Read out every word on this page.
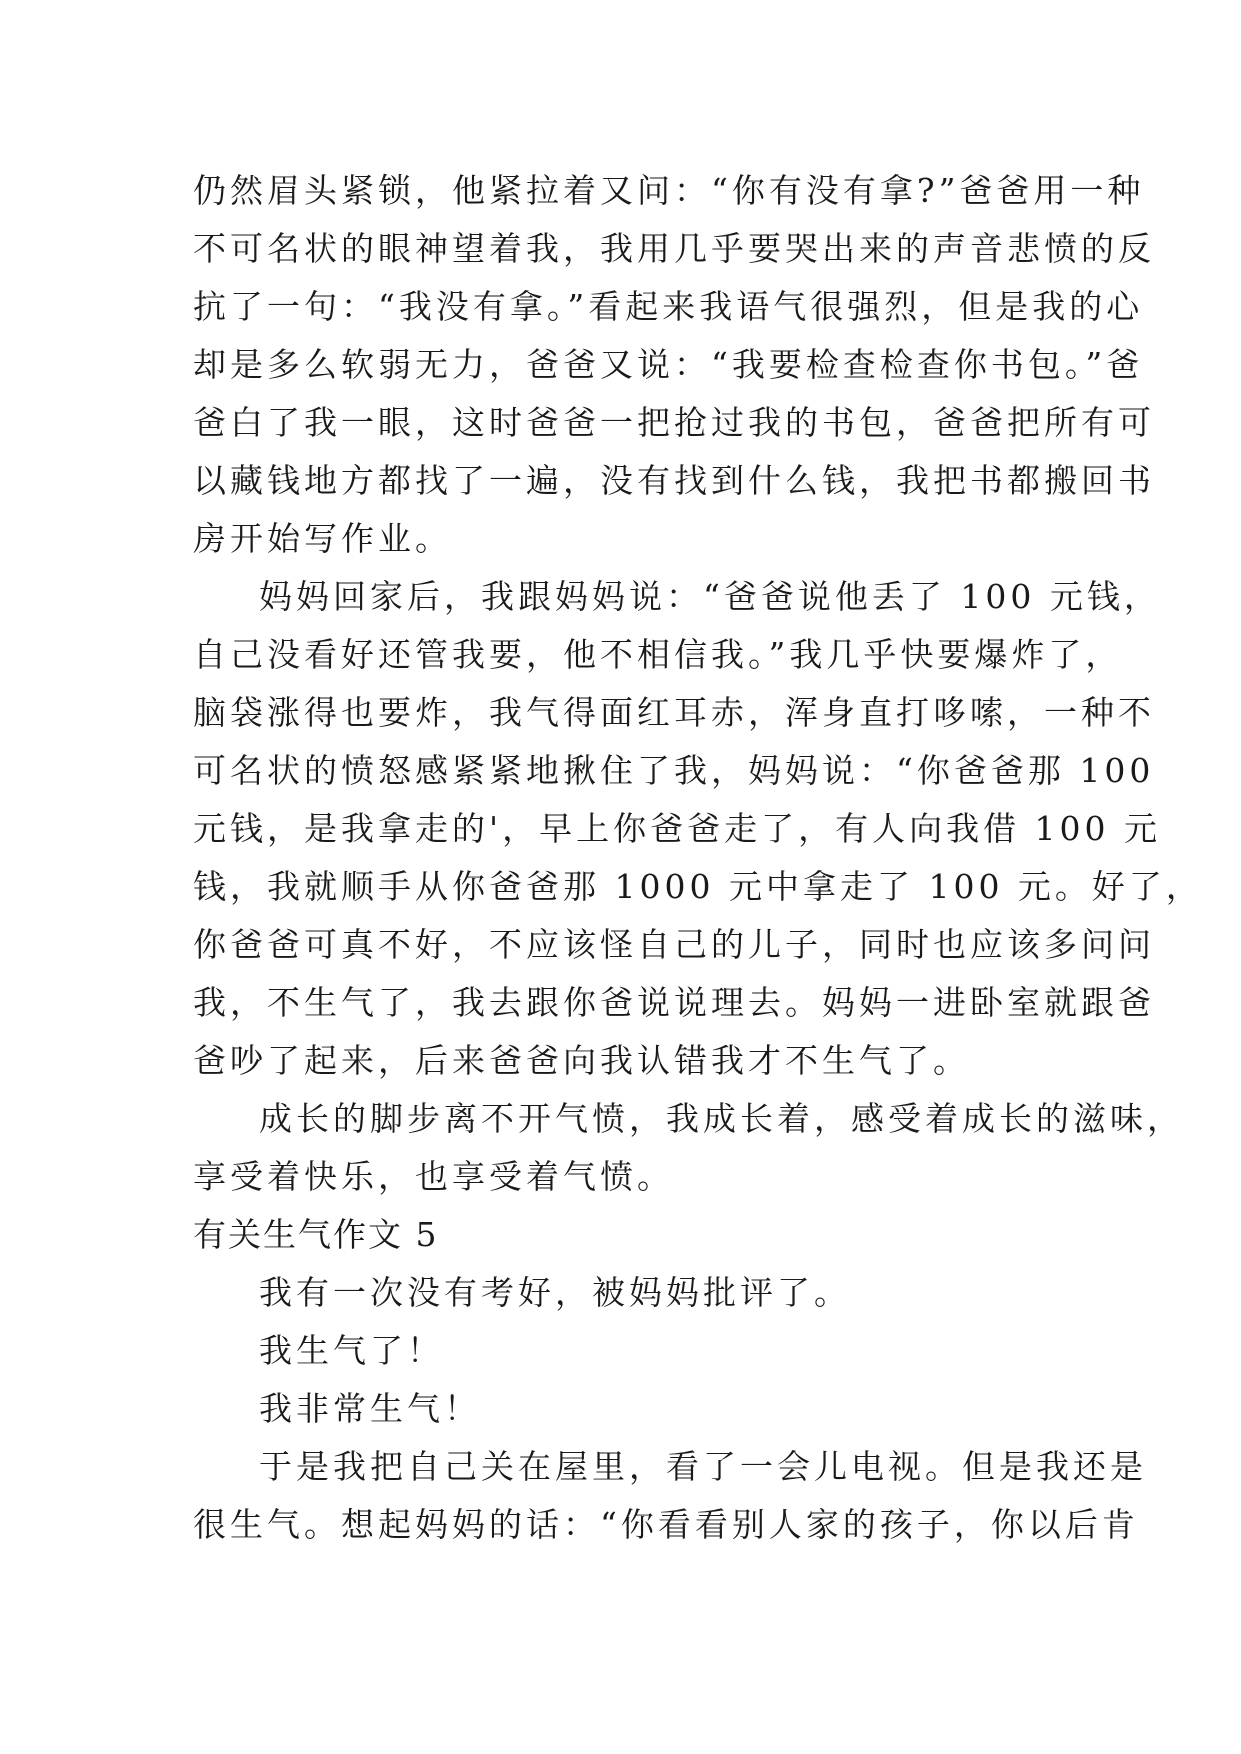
仍然眉头紧锁，他紧拉着又问：“你有没有拿?”爸爸用一种
不可名状的眼神望着我，我用几乎要哭出来的声音悲愤的反
抗了一句：“我没有拿。”看起来我语气很强烈，但是我的心
却是多么软弱无力，爸爸又说：“我要检查检查你书包。”爸
爸白了我一眼，这时爸爸一把抢过我的书包，爸爸把所有可
以藏钱地方都找了一遍，没有找到什么钱，我把书都搬回书
房开始写作业。
妈妈回家后，我跟妈妈说：“爸爸说他丢了 100 元钱，
自己没看好还管我要，他不相信我。”我几乎快要爆炸了，
脑袋涨得也要炸，我气得面红耳赤，浑身直打哆嗦，一种不
可名状的愤怒感紧紧地揪住了我，妈妈说：“你爸爸那 100
元钱，是我拿走的'，早上你爸爸走了，有人向我借 100 元
钱，我就顺手从你爸爸那 1000 元中拿走了 100 元。好了，
你爸爸可真不好，不应该怪自己的儿子，同时也应该多问问
我，不生气了，我去跟你爸说说理去。妈妈一进卧室就跟爸
爸吵了起来，后来爸爸向我认错我才不生气了。
成长的脚步离不开气愤，我成长着，感受着成长的滋味，
享受着快乐，也享受着气愤。
有关生气作文 5
我有一次没有考好，被妈妈批评了。
我生气了！
我非常生气！
于是我把自己关在屋里，看了一会儿电视。但是我还是
很生气。想起妈妈的话：“你看看别人家的孩子，你以后肯
